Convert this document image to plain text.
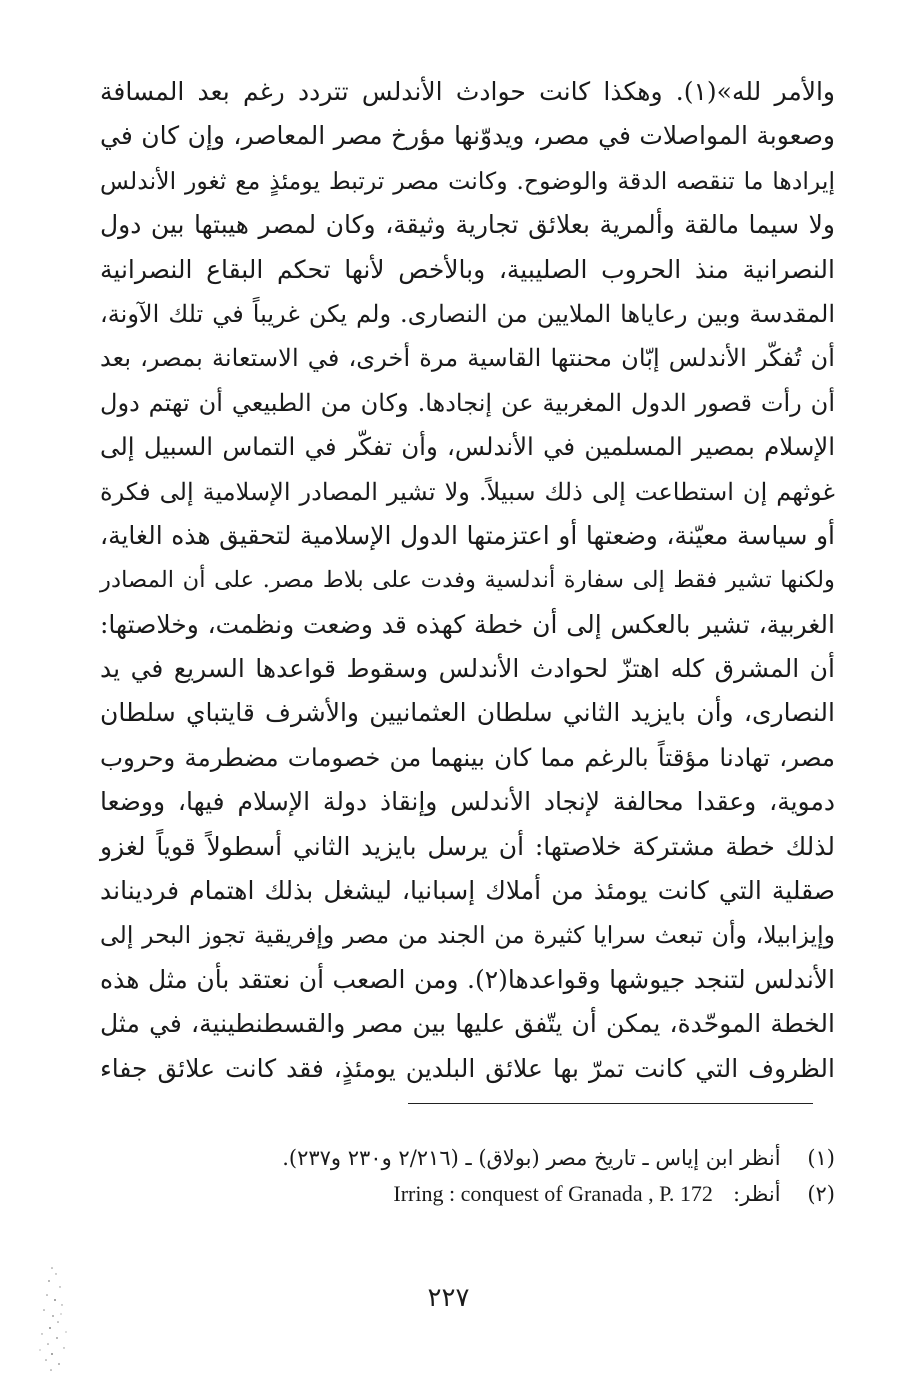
والأمر لله»(١). وهكذا كانت حوادث الأندلس تتردد رغم بعد المسافة
وصعوبة المواصلات في مصر، ويدوّنها مؤرخ مصر المعاصر، وإن كان في
إيرادها ما تنقصه الدقة والوضوح. وكانت مصر ترتبط يومئذٍ مع ثغور الأندلس
ولا سيما مالقة وألمرية بعلائق تجارية وثيقة، وكان لمصر هيبتها بين دول
النصرانية منذ الحروب الصليبية، وبالأخص لأنها تحكم البقاع النصرانية
المقدسة وبين رعاياها الملايين من النصارى. ولم يكن غريباً في تلك الآونة،
أن تُفكّر الأندلس إبّان محنتها القاسية مرة أخرى، في الاستعانة بمصر، بعد
أن رأت قصور الدول المغربية عن إنجادها. وكان من الطبيعي أن تهتم دول
الإسلام بمصير المسلمين في الأندلس، وأن تفكّر في التماس السبيل إلى
غوثهم إن استطاعت إلى ذلك سبيلاً. ولا تشير المصادر الإسلامية إلى فكرة
أو سياسة معيّنة، وضعتها أو اعتزمتها الدول الإسلامية لتحقيق هذه الغاية،
ولكنها تشير فقط إلى سفارة أندلسية وفدت على بلاط مصر. على أن المصادر
الغربية، تشير بالعكس إلى أن خطة كهذه قد وضعت ونظمت، وخلاصتها:
أن المشرق كله اهتزّ لحوادث الأندلس وسقوط قواعدها السريع في يد
النصارى، وأن بايزيد الثاني سلطان العثمانيين والأشرف قايتباي سلطان
مصر، تهادنا مؤقتاً بالرغم مما كان بينهما من خصومات مضطرمة وحروب
دموية، وعقدا محالفة لإنجاد الأندلس وإنقاذ دولة الإسلام فيها، ووضعا
لذلك خطة مشتركة خلاصتها: أن يرسل بايزيد الثاني أسطولاً قوياً لغزو
صقلية التي كانت يومئذ من أملاك إسبانيا، ليشغل بذلك اهتمام فرديناند
وإيزابيلا، وأن تبعث سرايا كثيرة من الجند من مصر وإفريقية تجوز البحر إلى
الأندلس لتنجد جيوشها وقواعدها(٢). ومن الصعب أن نعتقد بأن مثل هذه
الخطة الموحّدة، يمكن أن يتّفق عليها بين مصر والقسطنطينية، في مثل
الظروف التي كانت تمرّ بها علائق البلدين يومئذٍ، فقد كانت علائق جفاء
(١)    أنظر ابن إياس ـ تاريخ مصر (بولاق) ـ (٢/٢١٦ و٢٣٠ و٢٣٧).
(٢)    أنظر:   Irring : conquest of Granada , P. 172
٢٢٧
